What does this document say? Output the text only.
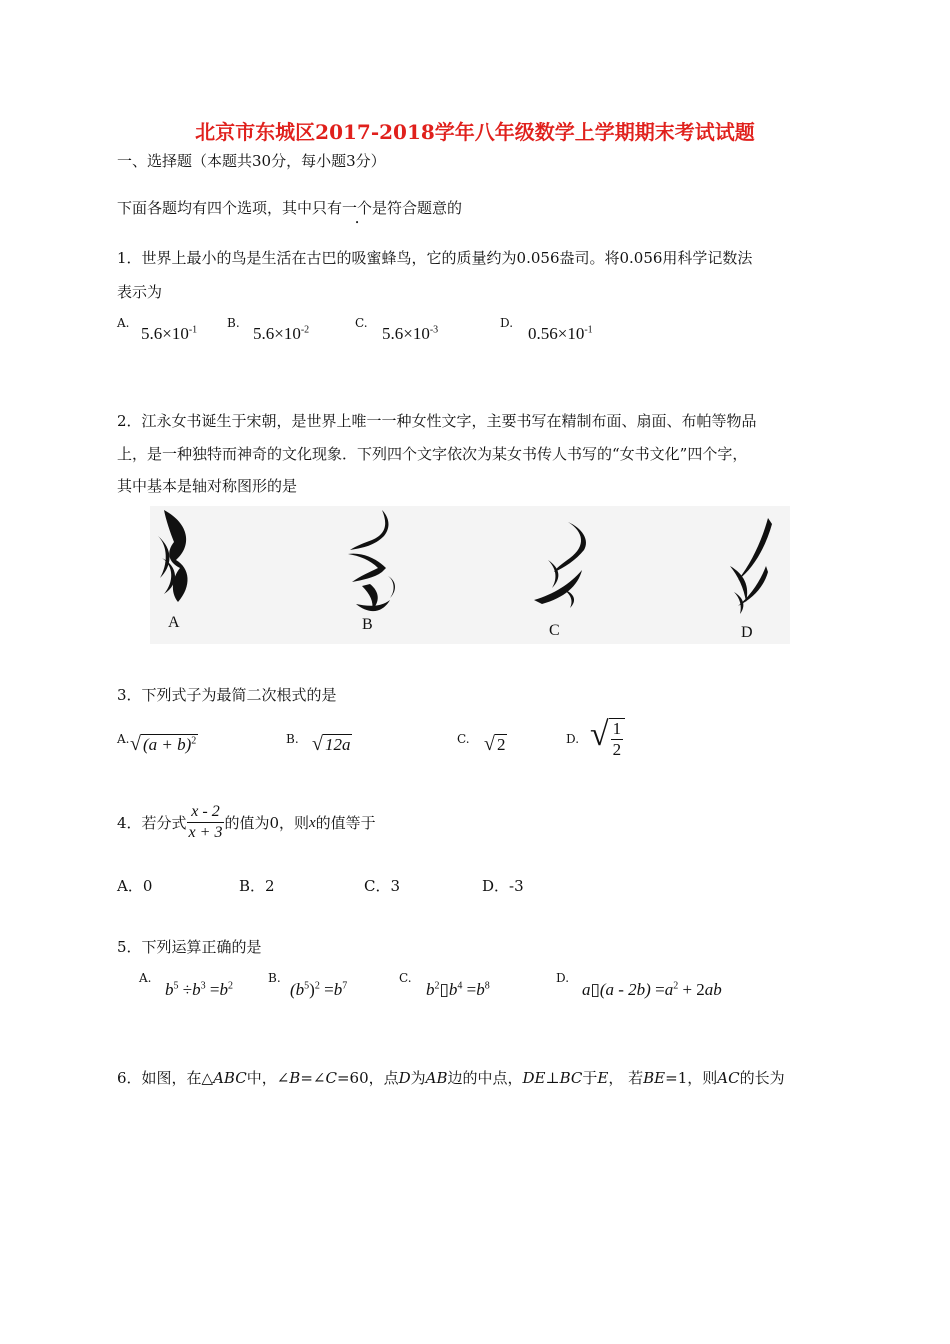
北京市东城区2017-2018学年八年级数学上学期期末考试试题
一、选择题（本题共30分，每小题3分）
下面各题均有四个选项，其中只有一个是符合题意的
1．世界上最小的鸟是生活在古巴的吸蜜蜂鸟，它的质量约为0.056盎司。将0.056用科学记数法
表示为
A.
$5.6\times 10^{-1}$ B.
$5.6\times 10^{-2}$	C.
$5.6\times 10^{-3}$	D.
$0.56\times 10^{-1}$
2．江永女书诞生于宋朝，是世界上唯一一种女性文字，主要书写在精制布面、扇面、布帕等物品
上，是一种独特而神奇的文化现象．下列四个文字依次为某女书传人书写的“女书文化”四个字，
其中基本是轴对称图形的是
A	B	C	D
3．下列式子为最简二次根式的是
A. √ $(a + b)^2$	B. √ 12a	C. √ 2	D. √ $\frac{1}{2}$
4．若分式 $\frac{x - 2}{x + 3}$ 的值为0，则 x 的值等于
A．0	B．2	C．3	D．-3
5．下列运算正确的是
A.
$b^5 \div b^3 =b^2$
B.
$(b^5)^2 =b^7$
C.
$b^2▯b^4 =b^8$
D.
a▯(a - $2b) =a^2 + 2ab$
6．如图，在△ABC中，∠B=∠C=60，点D为AB边的中点，DE⊥BC于E， 若BE=1，则AC的长为
